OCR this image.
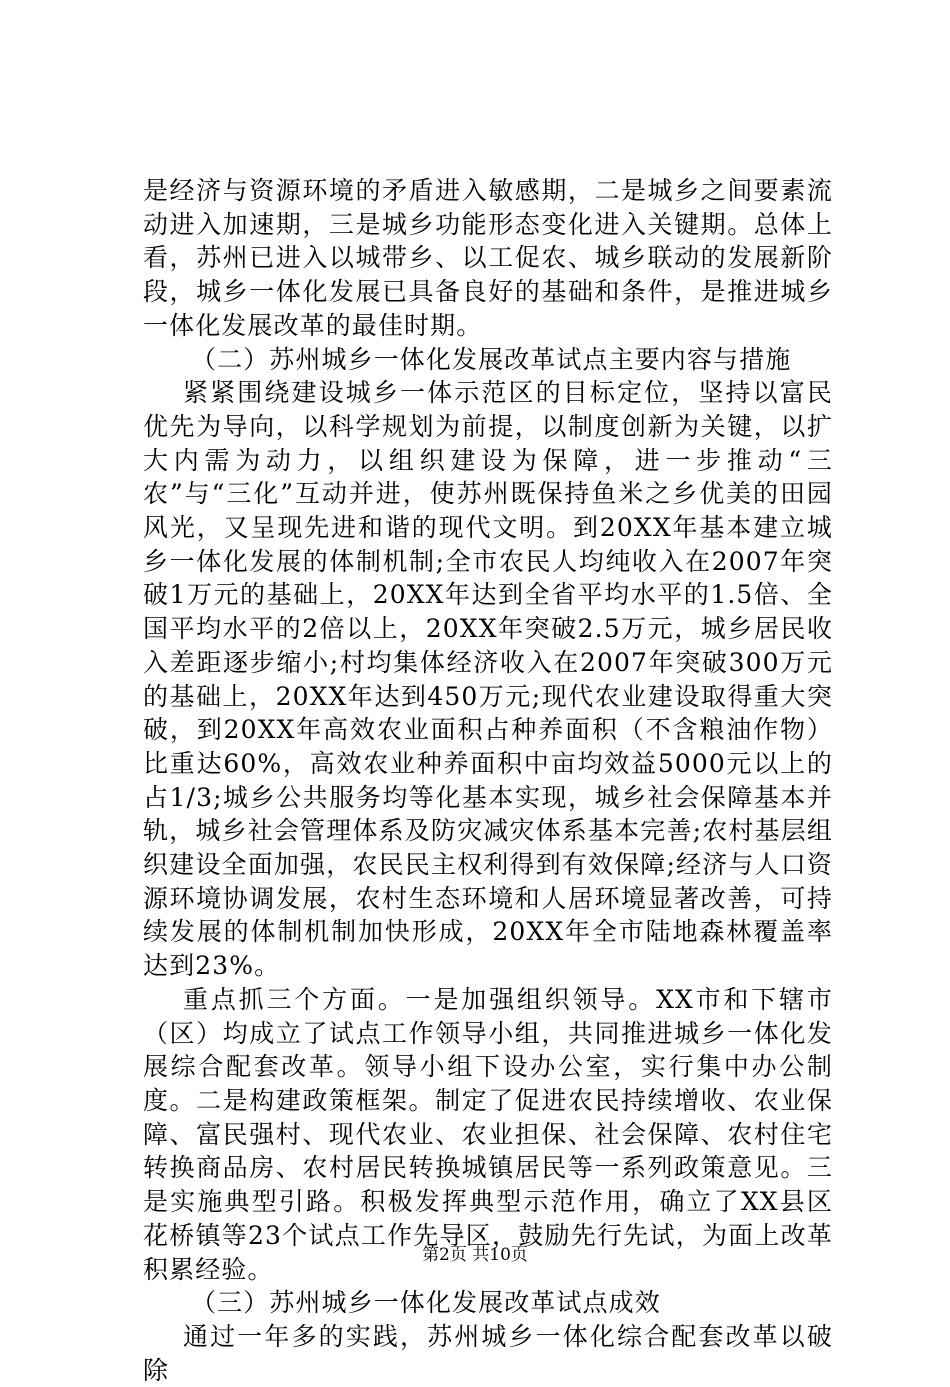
是经济与资源环境的矛盾进入敏感期，二是城乡之间要素流动进入加速期，三是城乡功能形态变化进入关键期。总体上看，苏州已进入以城带乡、以工促农、城乡联动的发展新阶段，城乡一体化发展已具备良好的基础和条件，是推进城乡一体化发展改革的最佳时期。

（二）苏州城乡一体化发展改革试点主要内容与措施

紧紧围绕建设城乡一体示范区的目标定位，坚持以富民优先为导向，以科学规划为前提，以制度创新为关键，以扩大内需为动力，以组织建设为保障，进一步推动“三农”与“三化”互动并进，使苏州既保持鱼米之乡优美的田园风光，又呈现先进和谐的现代文明。到20XX年基本建立城乡一体化发展的体制机制;全市农民人均纯收入在2007年突破1万元的基础上，20XX年达到全省平均水平的1.5倍、全国平均水平的2倍以上，20XX年突破2.5万元，城乡居民收入差距逐步缩小;村均集体经济收入在2007年突破300万元的基础上，20XX年达到450万元;现代农业建设取得重大突破，到20XX年高效农业面积占种养面积（不含粮油作物）比重达60%，高效农业种养面积中亩均效益5000元以上的占1/3;城乡公共服务均等化基本实现，城乡社会保障基本并轨，城乡社会管理体系及防灾减灾体系基本完善;农村基层组织建设全面加强，农民民主权利得到有效保障;经济与人口资源环境协调发展，农村生态环境和人居环境显著改善，可持续发展的体制机制加快形成，20XX年全市陆地森林覆盖率达到23%。

重点抓三个方面。一是加强组织领导。XX市和下辖市（区）均成立了试点工作领导小组，共同推进城乡一体化发展综合配套改革。领导小组下设办公室，实行集中办公制度。二是构建政策框架。制定了促进农民持续增收、农业保障、富民强村、现代农业、农业担保、社会保障、农村住宅转换商品房、农村居民转换城镇居民等一系列政策意见。三是实施典型引路。积极发挥典型示范作用，确立了XX县区花桥镇等23个试点工作先导区，鼓励先行先试，为面上改革积累经验。

（三）苏州城乡一体化发展改革试点成效

通过一年多的实践，苏州城乡一体化综合配套改革以破除

第2页 共10页
